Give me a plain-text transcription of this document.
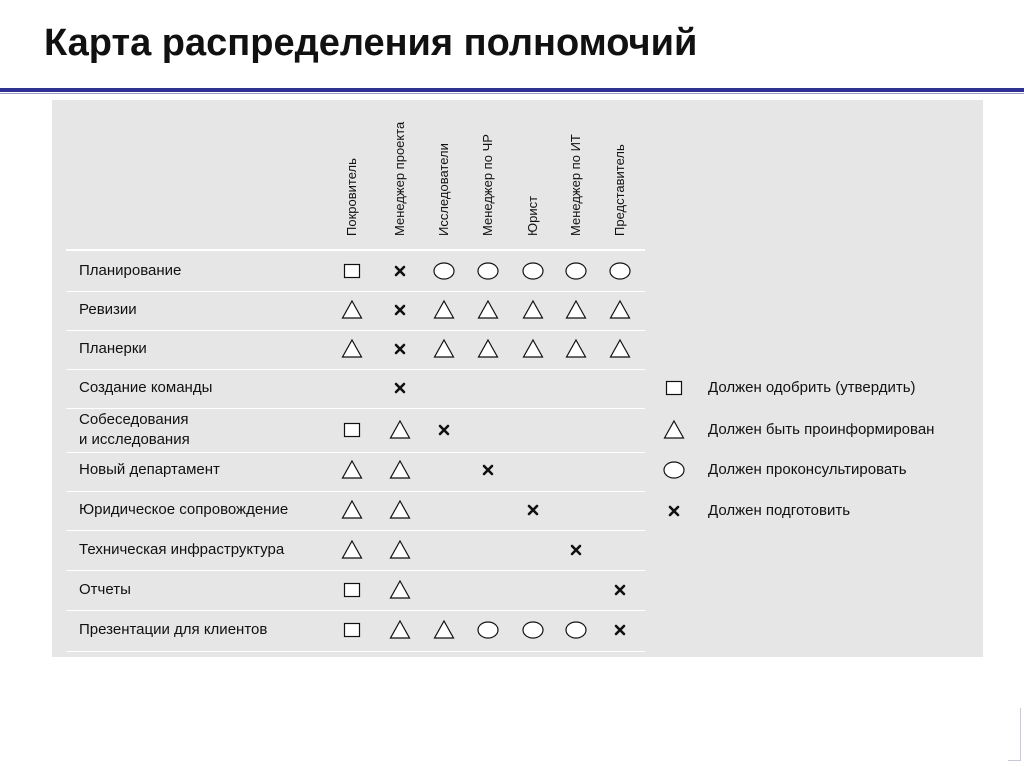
Карта распределения полномочий
Покровитель	Менеджер проекта Исследователи Менеджер по ЧР Юрист Менеджер по ИТ Представитель
Планирование
Ревизии
Планерки
Создание команды
Собеседования
и исследования
Новый департамент
Юридическое сопровождение
Техническая инфраструктура
Отчеты
Презентации для клиентов
Должен одобрить (утвердить)
Должен быть проинформирован
Должен проконсультировать
Должен подготовить
